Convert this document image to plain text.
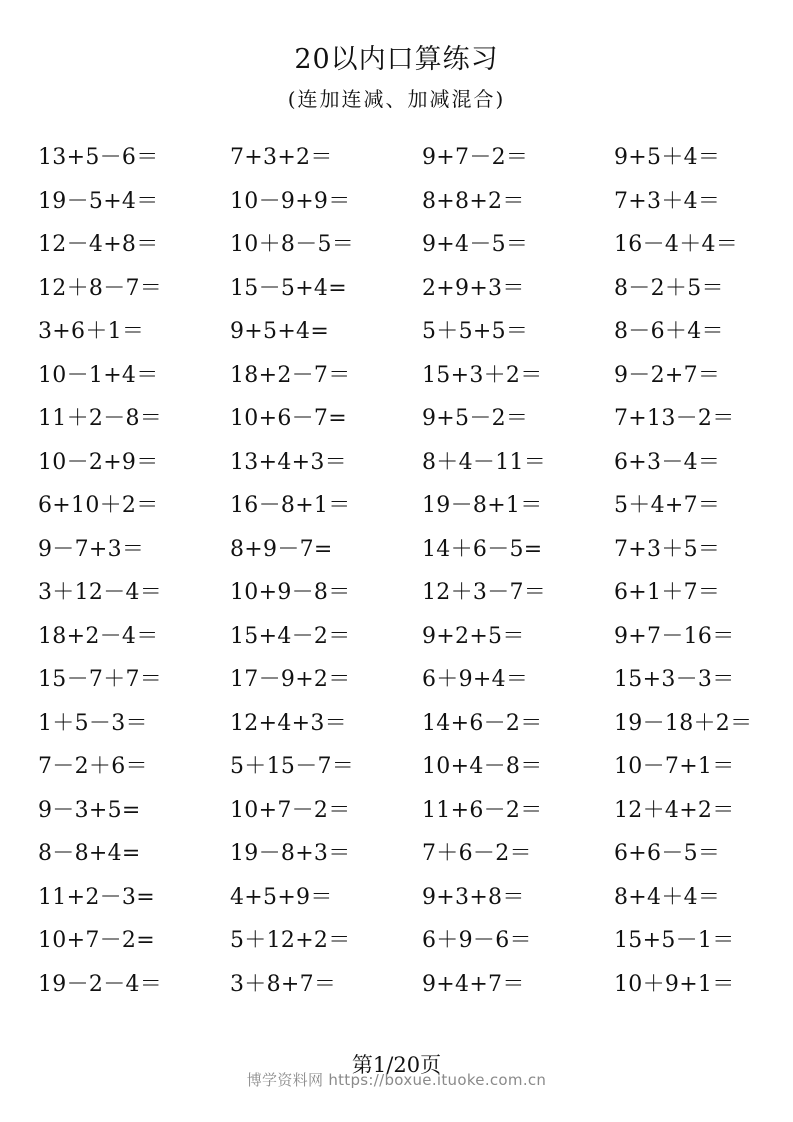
20以内口算练习
(连加连减、加减混合)
13+5－6＝	7+3+2＝	9+7－2＝	9+5＋4＝
19－5+4＝	10－9+9＝	8+8+2＝	7+3＋4＝
12－4+8＝	10＋8－5＝	9+4－5＝	16－4＋4＝
12＋8－7＝	15－5+4=	2+9+3＝	8－2＋5＝
3+6＋1＝	9+5+4=	5＋5+5＝	8－6＋4＝
10－1+4＝	18+2－7＝	15+3＋2＝	9－2+7＝
11＋2－8＝	10+6－7=	9+5－2＝	7+13－2＝
10－2+9＝	13+4+3＝	8＋4－11＝	6+3－4＝
6+10＋2＝	16－8+1＝	19－8+1＝	5＋4+7＝
9－7+3＝	8+9－7=	14＋6－5=	7+3＋5＝
3＋12－4＝	10+9－8＝	12＋3－7＝	6+1＋7＝
18+2－4＝	15+4－2＝	9+2+5＝	9+7－16＝
15－7＋7＝	17－9+2＝	6＋9+4＝	15+3－3＝
1＋5－3＝	12+4+3＝	14+6－2＝	19－18＋2＝
7－2＋6＝	5＋15－7＝	10+4－8＝	10－7+1＝
9－3+5=	10+7－2＝	11+6－2＝	12＋4+2＝
8－8+4=	19－8+3＝	7＋6－2＝	6+6－5＝
11+2－3=	4+5+9＝	9+3+8＝	8+4＋4＝
10+7－2=	5＋12+2＝	6＋9－6＝	15+5－1＝
19－2－4＝	3＋8+7＝	9+4+7＝	10＋9+1＝
第1/20页
博学资料网 https://boxue.ituoke.com.cn
